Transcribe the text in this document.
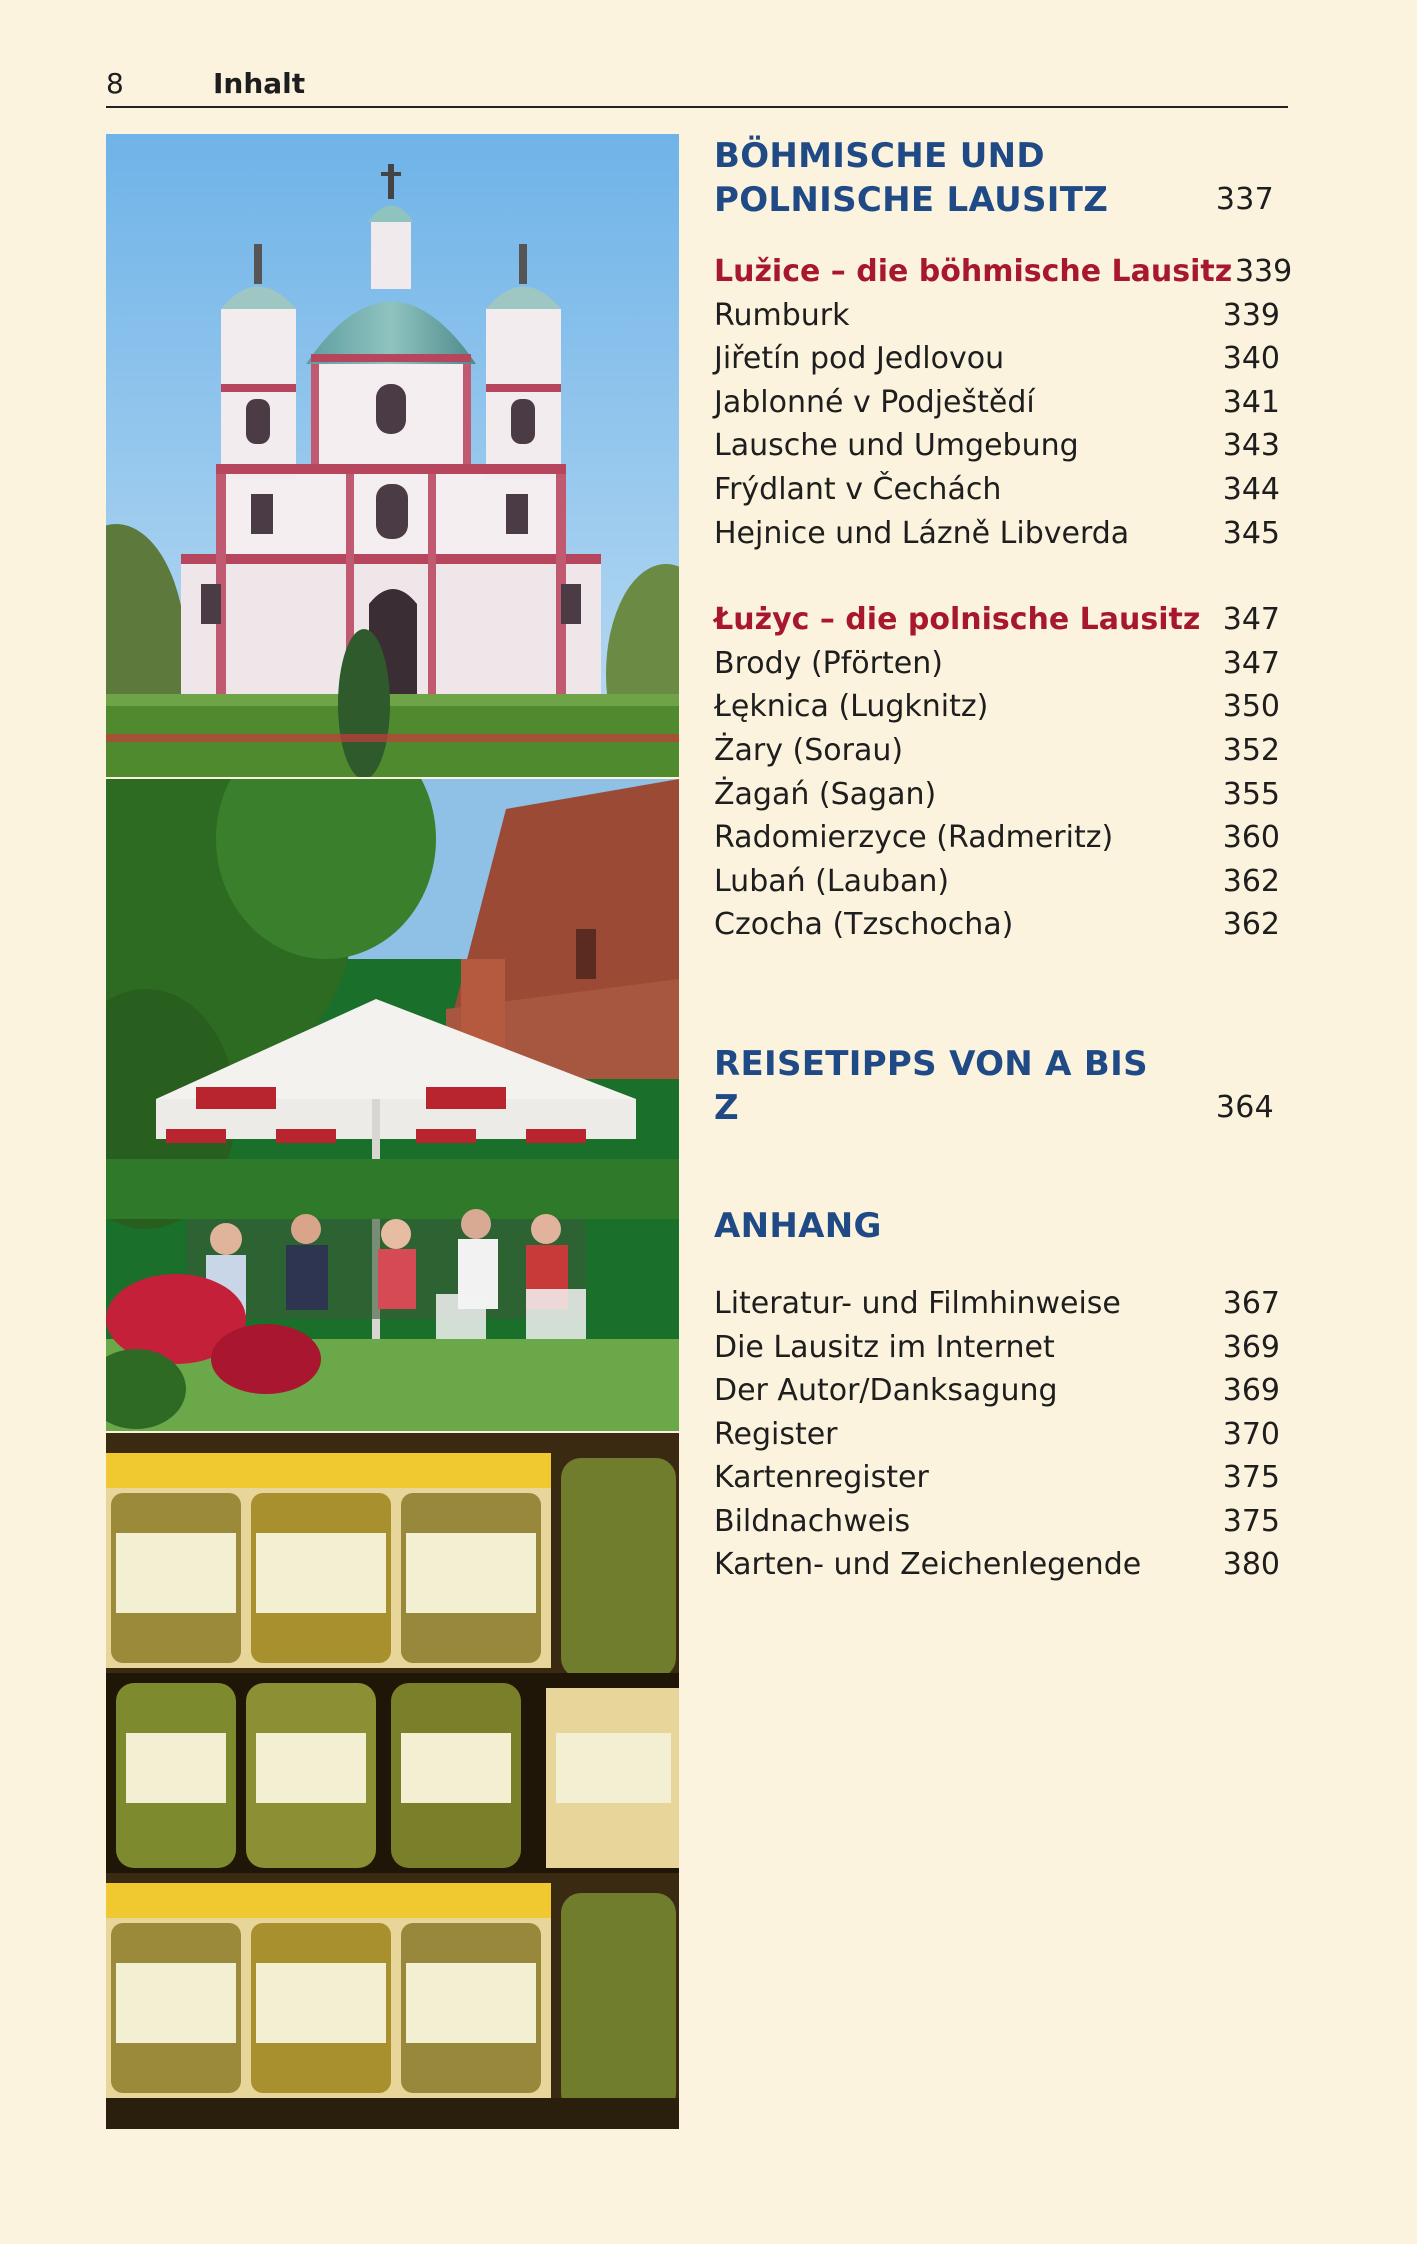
8	Inhalt
BÖHMISCHE UND POLNISCHE LAUSITZ	337
Lužice – die böhmische Lausitz 339
Rumburk	339
Jiřetín pod Jedlovou	340
Jablonné v Podještědí	341
Lausche und Umgebung	343
Frýdlant v Čechách	344
Hejnice und Lázně Libverda	345
Łużyc – die polnische Lausitz 347
Brody (Pförten)	347
Łęknica (Lugknitz)	350
Żary (Sorau)	352
Żagań (Sagan)	355
Radomierzyce (Radmeritz)	360
Lubań (Lauban)	362
Czocha (Tzschocha)	362
REISETIPPS VON A BIS Z	364
ANHANG
Literatur- und Filmhinweise	367
Die Lausitz im Internet	369
Der Autor/Danksagung	369
Register	370
Kartenregister	375
Bildnachweis	375
Karten- und Zeichenlegende	380
